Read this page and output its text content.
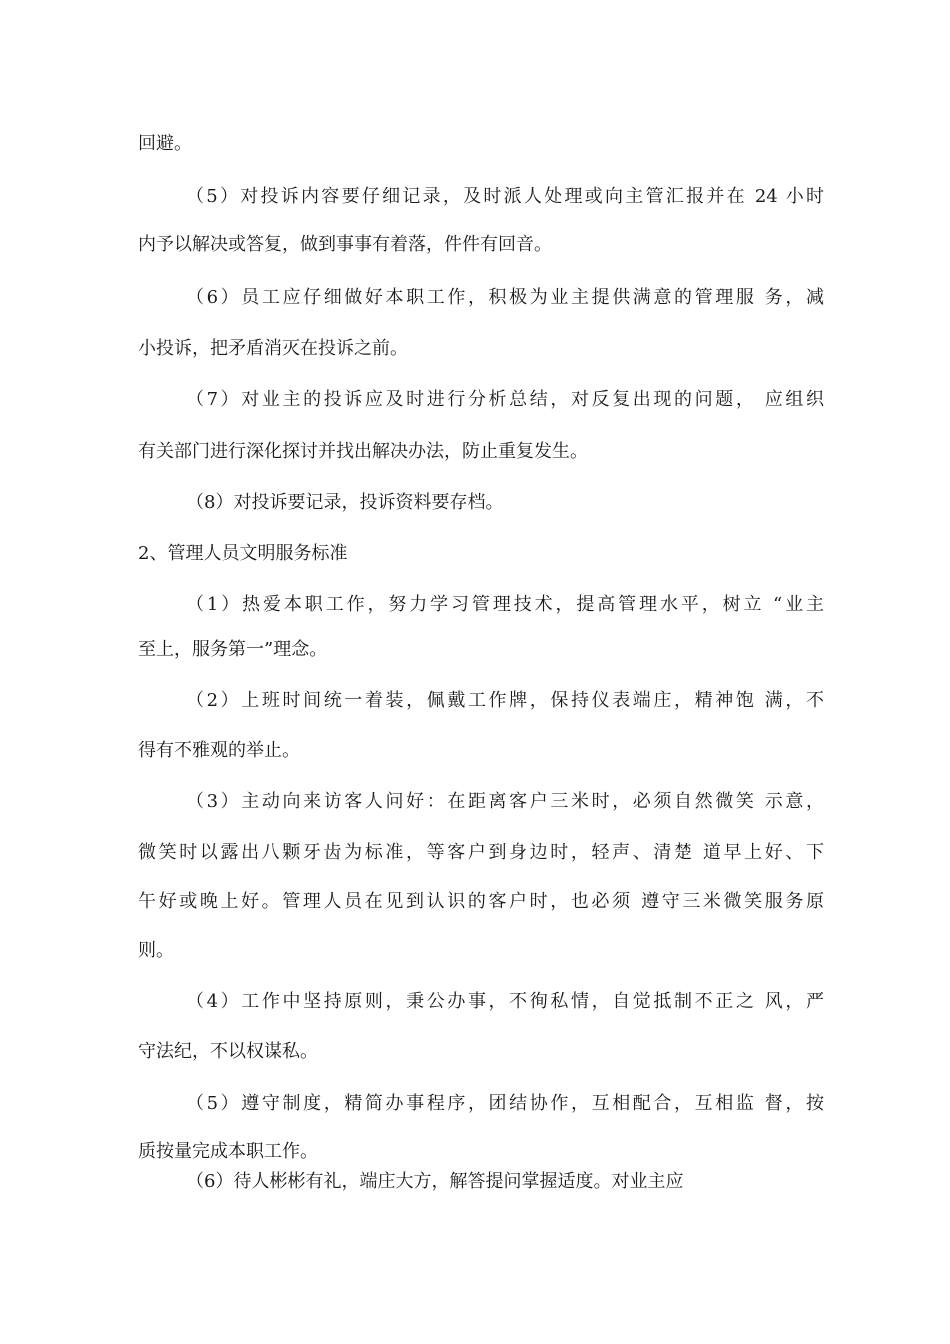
回避。
（5）对投诉内容要仔细记录，及时派人处理或向主管汇报并在 24 小时
内予以解决或答复，做到事事有着落，件件有回音。
（6）员工应仔细做好本职工作，积极为业主提供满意的管理服 务，减
小投诉，把矛盾消灭在投诉之前。
（7）对业主的投诉应及时进行分析总结，对反复出现的问题， 应组织
有关部门进行深化探讨并找出解决办法，防止重复发生。
（8）对投诉要记录，投诉资料要存档。
2、管理人员文明服务标准
（1）热爱本职工作，努力学习管理技术，提高管理水平，树立 “业主
至上，服务第一”理念。
（2）上班时间统一着装，佩戴工作牌，保持仪表端庄，精神饱 满，不
得有不雅观的举止。
（3）主动向来访客人问好：在距离客户三米时，必须自然微笑 示意，
微笑时以露出八颗牙齿为标准，等客户到身边时，轻声、清楚 道早上好、下
午好或晚上好。管理人员在见到认识的客户时，也必须 遵守三米微笑服务原
则。
（4）工作中坚持原则，秉公办事，不徇私情，自觉抵制不正之 风，严
守法纪，不以权谋私。
（5）遵守制度，精简办事程序，团结协作，互相配合，互相监 督，按
质按量完成本职工作。
（6）待人彬彬有礼，端庄大方，解答提问掌握适度。对业主应
